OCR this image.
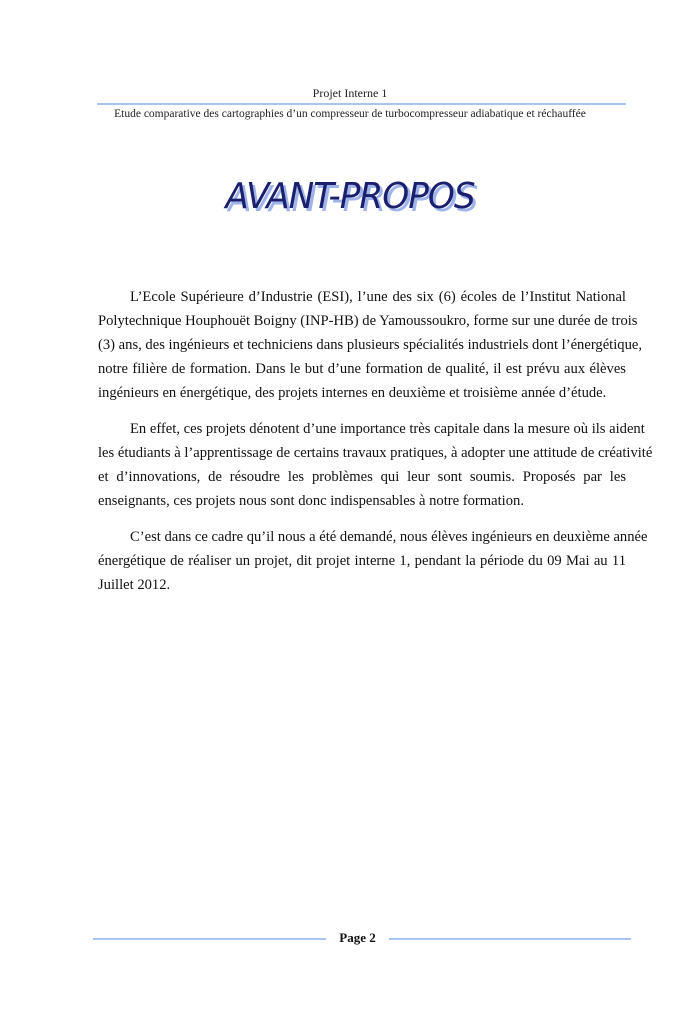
Projet Interne 1
Etude comparative des cartographies d’un compresseur de turbocompresseur adiabatique et réchauffée
AVANT-PROPOS
L’Ecole Supérieure d’Industrie (ESI), l’une des six (6) écoles de l’Institut National
Polytechnique Houphouët Boigny (INP-HB) de Yamoussoukro, forme sur une durée de trois
(3) ans, des ingénieurs et techniciens dans plusieurs spécialités industriels dont l’énergétique,
notre filière de formation. Dans le but d’une formation de qualité, il est prévu aux élèves
ingénieurs en énergétique, des projets internes en deuxième et troisième année d’étude.
En effet, ces projets dénotent d’une importance très capitale dans la mesure où ils aident
les étudiants à l’apprentissage de certains travaux pratiques, à adopter une attitude de créativité
et d’innovations, de résoudre les problèmes qui leur sont soumis. Proposés par les
enseignants, ces projets nous sont donc indispensables à notre formation.
C’est dans ce cadre qu’il nous a été demandé, nous élèves ingénieurs en deuxième année
énergétique de réaliser un projet, dit projet interne 1, pendant la période du 09 Mai au 11
Juillet 2012.
Page 2
